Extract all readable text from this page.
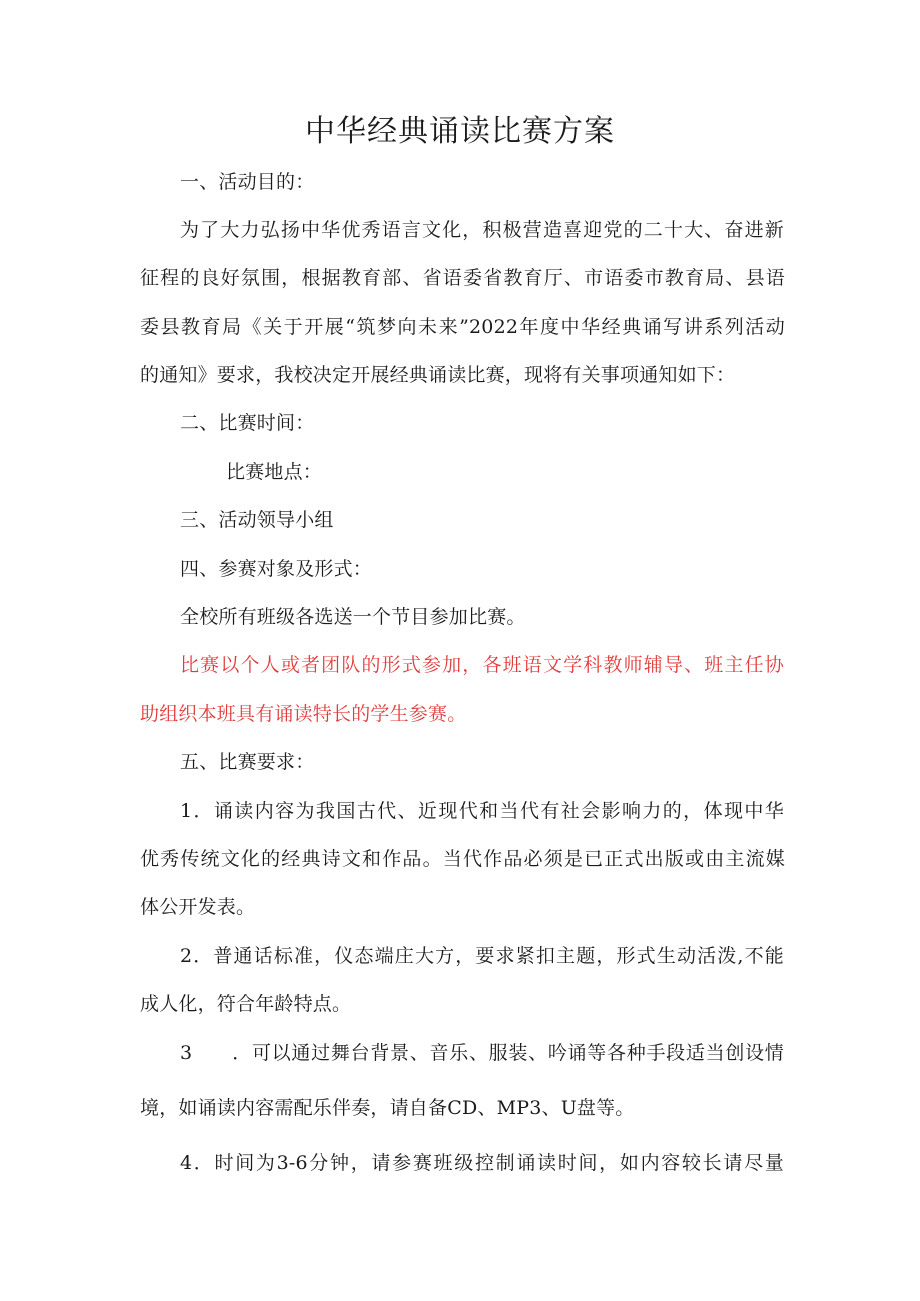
中华经典诵读比赛方案
一、活动目的：
为了大力弘扬中华优秀语言文化，积极营造喜迎党的二十大、奋进新
征程的良好氛围，根据教育部、省语委省教育厅、市语委市教育局、县语
委县教育局《关于开展“筑梦向未来”2022年度中华经典诵写讲系列活动
的通知》要求，我校决定开展经典诵读比赛，现将有关事项通知如下：
二、比赛时间：
比赛地点：
三、活动领导小组
四、参赛对象及形式：
全校所有班级各选送一个节目参加比赛。
比赛以个人或者团队的形式参加，各班语文学科教师辅导、班主任协
助组织本班具有诵读特长的学生参赛。
五、比赛要求：
1．诵读内容为我国古代、近现代和当代有社会影响力的，体现中华
优秀传统文化的经典诗文和作品。当代作品必须是已正式出版或由主流媒
体公开发表。
2．普通话标准，仪态端庄大方，要求紧扣主题，形式生动活泼,不能
成人化，符合年龄特点。
3　　．可以通过舞台背景、音乐、服装、吟诵等各种手段适当创设情
境，如诵读内容需配乐伴奏，请自备CD、MP3、U盘等。
4．时间为3-6分钟，请参赛班级控制诵读时间，如内容较长请尽量
